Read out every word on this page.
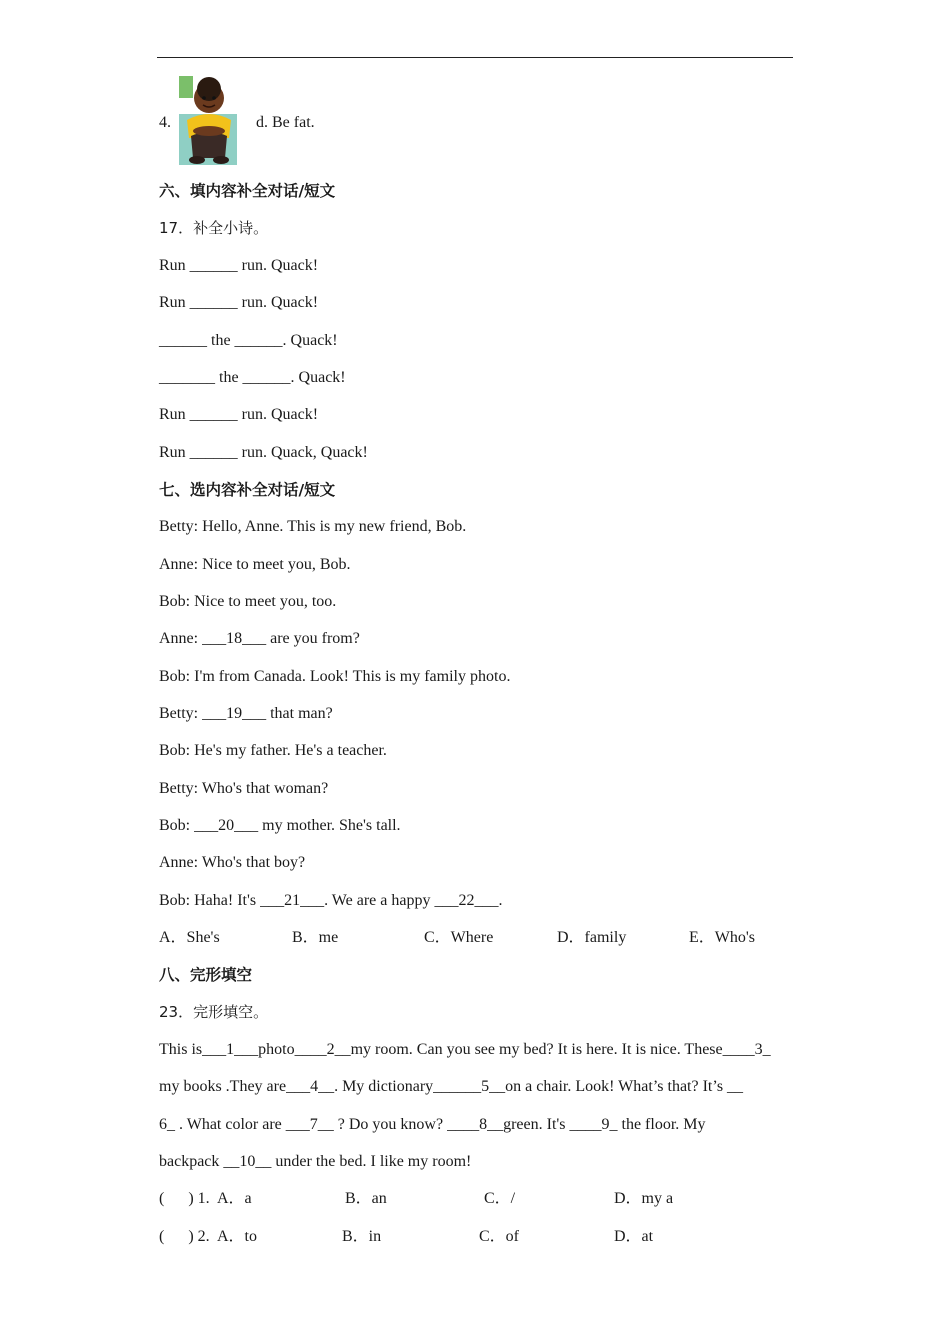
4.	d. Be fat.
六、填内容补全对话/短文
17．补全小诗。
Run ______ run. Quack!
Run ______ run. Quack!
______ the ______. Quack!
_______ the ______. Quack!
Run ______ run. Quack!
Run ______ run. Quack, Quack!
七、选内容补全对话/短文
Betty: Hello, Anne. This is my new friend, Bob.
Anne: Nice to meet you, Bob.
Bob: Nice to meet you, too.
Anne: ___18___ are you from?
Bob: I'm from Canada. Look! This is my family photo.
Betty: ___19___ that man?
Bob: He's my father. He's a teacher.
Betty: Who's that woman?
Bob: ___20___ my mother. She's tall.
Anne: Who's that boy?
Bob: Haha! It's ___21___. We are a happy ___22___.
A．She's	B．me	C．Where	D．family	E．Who's
八、完形填空
23．完形填空。
This is___1___photo____2__my room. Can you see my bed? It is here. It is nice. These____3_
my books .They are___4__. My dictionary______5__on a chair. Look! What’s that? It’s __
6_ . What color are ___7__ ? Do you know? ____8__green. It's ____9_ the floor. My
backpack __10__ under the bed. I like my room!
(      ) 1. A．a	B．an	C．/	D．my a
(      ) 2. A．to	B．in	C．of	D．at
